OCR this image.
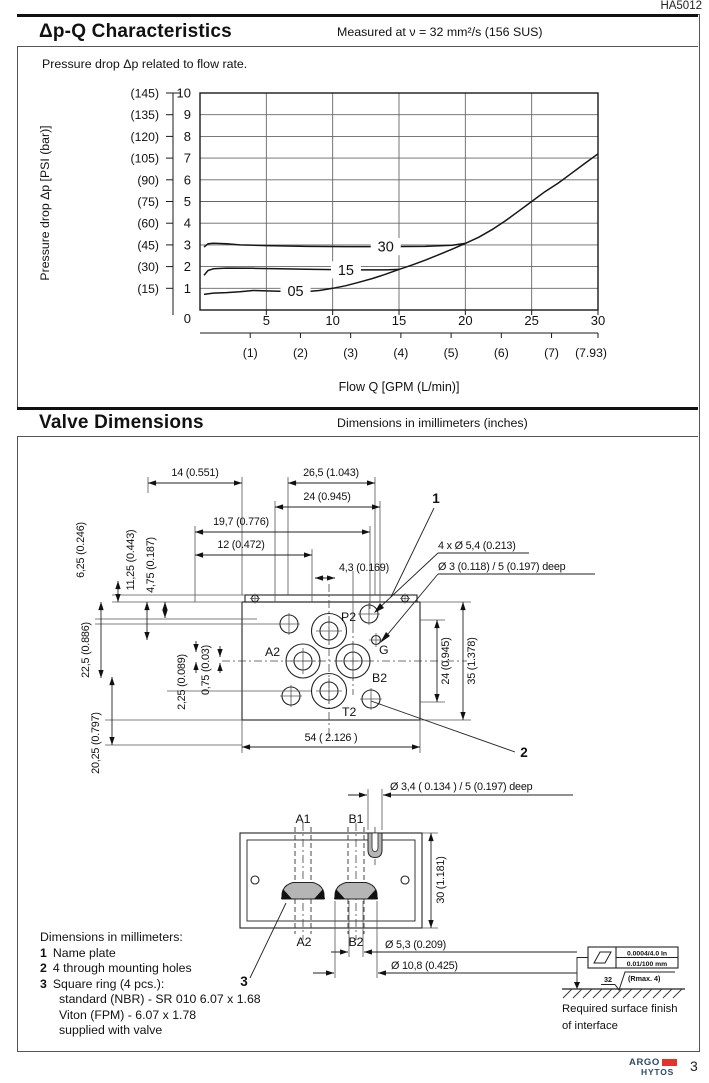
HA5012
Δp-Q Characteristics	Measured at ν = 32 mm²/s (156 SUS)
Pressure drop Δp related to flow rate.
1
(15)
2
(30)
3
(45)
4
(60)
5
(75)
6
(90)
7
(105)
8
(120)
9
(135)
10
(145)
0	5	10	15	20	25	30
(1)	(2)	(3)	(4)	(5)	(6)	(7) (7.93)
05
15
30
Pressure drop Δp [PSI (bar)]
Flow Q [GPM (L/min)]
Valve Dimensions	Dimensions in imillimeters (inches)
14 (0.551)	26,5 (1.043)
24 (0.945)
19,7 (0.776)
12 (0.472)
4,3 (0.169)
6,25 (0.246)	11,25 (0.443) 4,75 (0.187)
22,5 (0.886)
20,25 (0.797)
2,25 (0.089) 0,75 (0.03)	24 (0.945) 35 (1.378)
54 ( 2.126 )
4 x Ø 5,4 (0.213)
Ø 3 (0.118) / 5 (0.197) deep
P2
A2
B2
T2
G
1
2
A1	B1
A2	B2
Ø 3,4 ( 0.134 ) / 5 (0.197) deep
30 (1.181)
Ø 5,3 (0.209)
Ø 10,8 (0.425)
3
Dimensions in millimeters:
1 Name plate
2 4 through mounting holes
3 Square ring (4 pcs.):
standard (NBR) - SR 010 6.07 x 1.68
Viton (FPM) - 6.07 x 1.78
supplied with valve
0.0004/4.0 In
0.01/100 mm
32 (Rmax. 4)
Required surface finish
of interface
ARGO
HYTOS	3
